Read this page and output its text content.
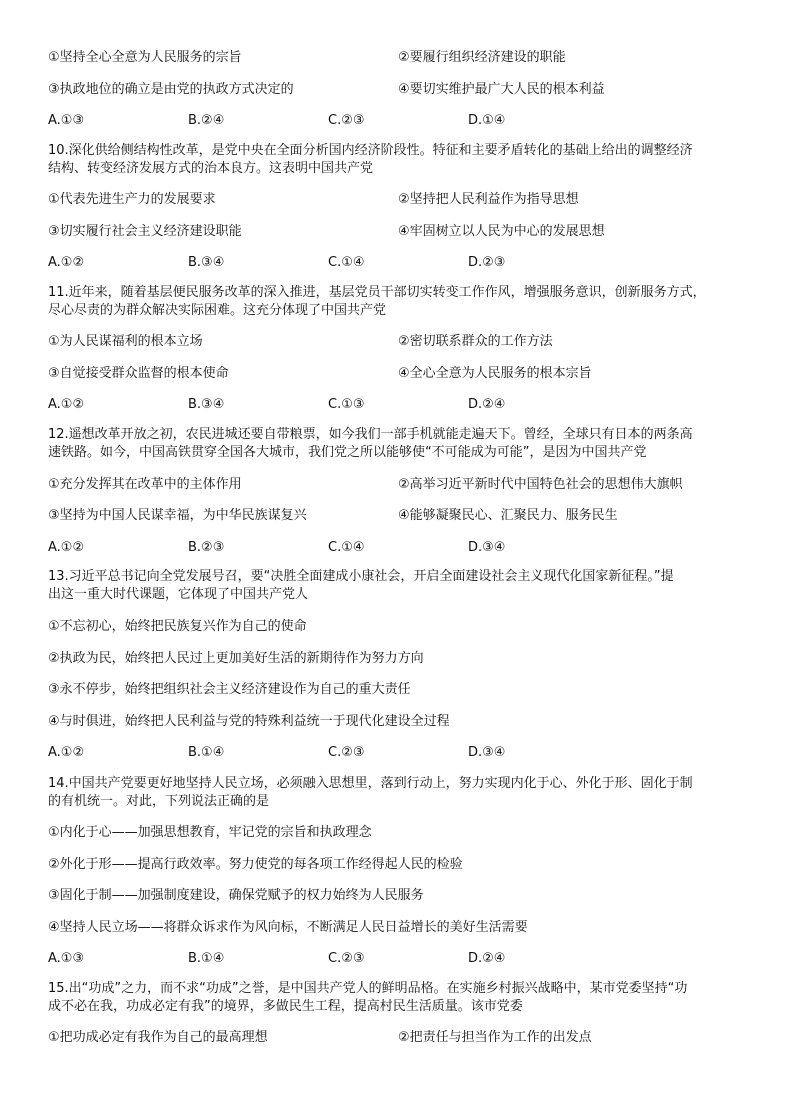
①坚持全心全意为人民服务的宗旨	②要履行组织经济建设的职能
③执政地位的确立是由党的执政方式决定的	④要切实维护最广大人民的根本利益
A.①③	B.②④	C.②③	D.①④
10.深化供给侧结构性改革，是党中央在全面分析国内经济阶段性。特征和主要矛盾转化的基础上给出的调整经济
结构、转变经济发展方式的治本良方。这表明中国共产党
①代表先进生产力的发展要求	②坚持把人民利益作为指导思想
③切实履行社会主义经济建设职能	④牢固树立以人民为中心的发展思想
A.①②	B.③④	C.①④	D.②③
11.近年来，随着基层便民服务改革的深入推进，基层党员干部切实转变工作作风，增强服务意识，创新服务方式，
尽心尽责的为群众解决实际困难。这充分体现了中国共产党
①为人民谋福利的根本立场	②密切联系群众的工作方法
③自觉接受群众监督的根本使命	④全心全意为人民服务的根本宗旨
A.①②	B.③④	C.①③	D.②④
12.遥想改革开放之初，农民进城还要自带粮票，如今我们一部手机就能走遍天下。曾经，全球只有日本的两条高
速铁路。如今，中国高铁贯穿全国各大城市，我们党之所以能够使“不可能成为可能”，是因为中国共产党
①充分发挥其在改革中的主体作用	②高举习近平新时代中国特色社会的思想伟大旗帜
③坚持为中国人民谋幸福，为中华民族谋复兴	④能够凝聚民心、汇聚民力、服务民生
A.①②	B.②③	C.①④	D.③④
13.习近平总书记向全党发展号召，要“决胜全面建成小康社会，开启全面建设社会主义现代化国家新征程。”提
出这一重大时代课题，它体现了中国共产党人
①不忘初心，始终把民族复兴作为自己的使命
②执政为民，始终把人民过上更加美好生活的新期待作为努力方向
③永不停步，始终把组织社会主义经济建设作为自己的重大责任
④与时俱进，始终把人民利益与党的特殊利益统一于现代化建设全过程
A.①②	B.①④	C.②③	D.③④
14.中国共产党要更好地坚持人民立场，必须融入思想里，落到行动上，努力实现内化于心、外化于形、固化于制
的有机统一。对此，下列说法正确的是
①内化于心——加强思想教育，牢记党的宗旨和执政理念
②外化于形——提高行政效率。努力使党的每各项工作经得起人民的检验
③固化于制——加强制度建设，确保党赋予的权力始终为人民服务
④坚持人民立场——将群众诉求作为风向标，不断满足人民日益增长的美好生活需要
A.①③	B.①④	C.②③	D.②④
15.出“功成”之力，而不求“功成”之誉，是中国共产党人的鲜明品格。在实施乡村振兴战略中，某市党委坚持“功
成不必在我，功成必定有我”的境界，多做民生工程，提高村民生活质量。该市党委
①把功成必定有我作为自己的最高理想	②把责任与担当作为工作的出发点
